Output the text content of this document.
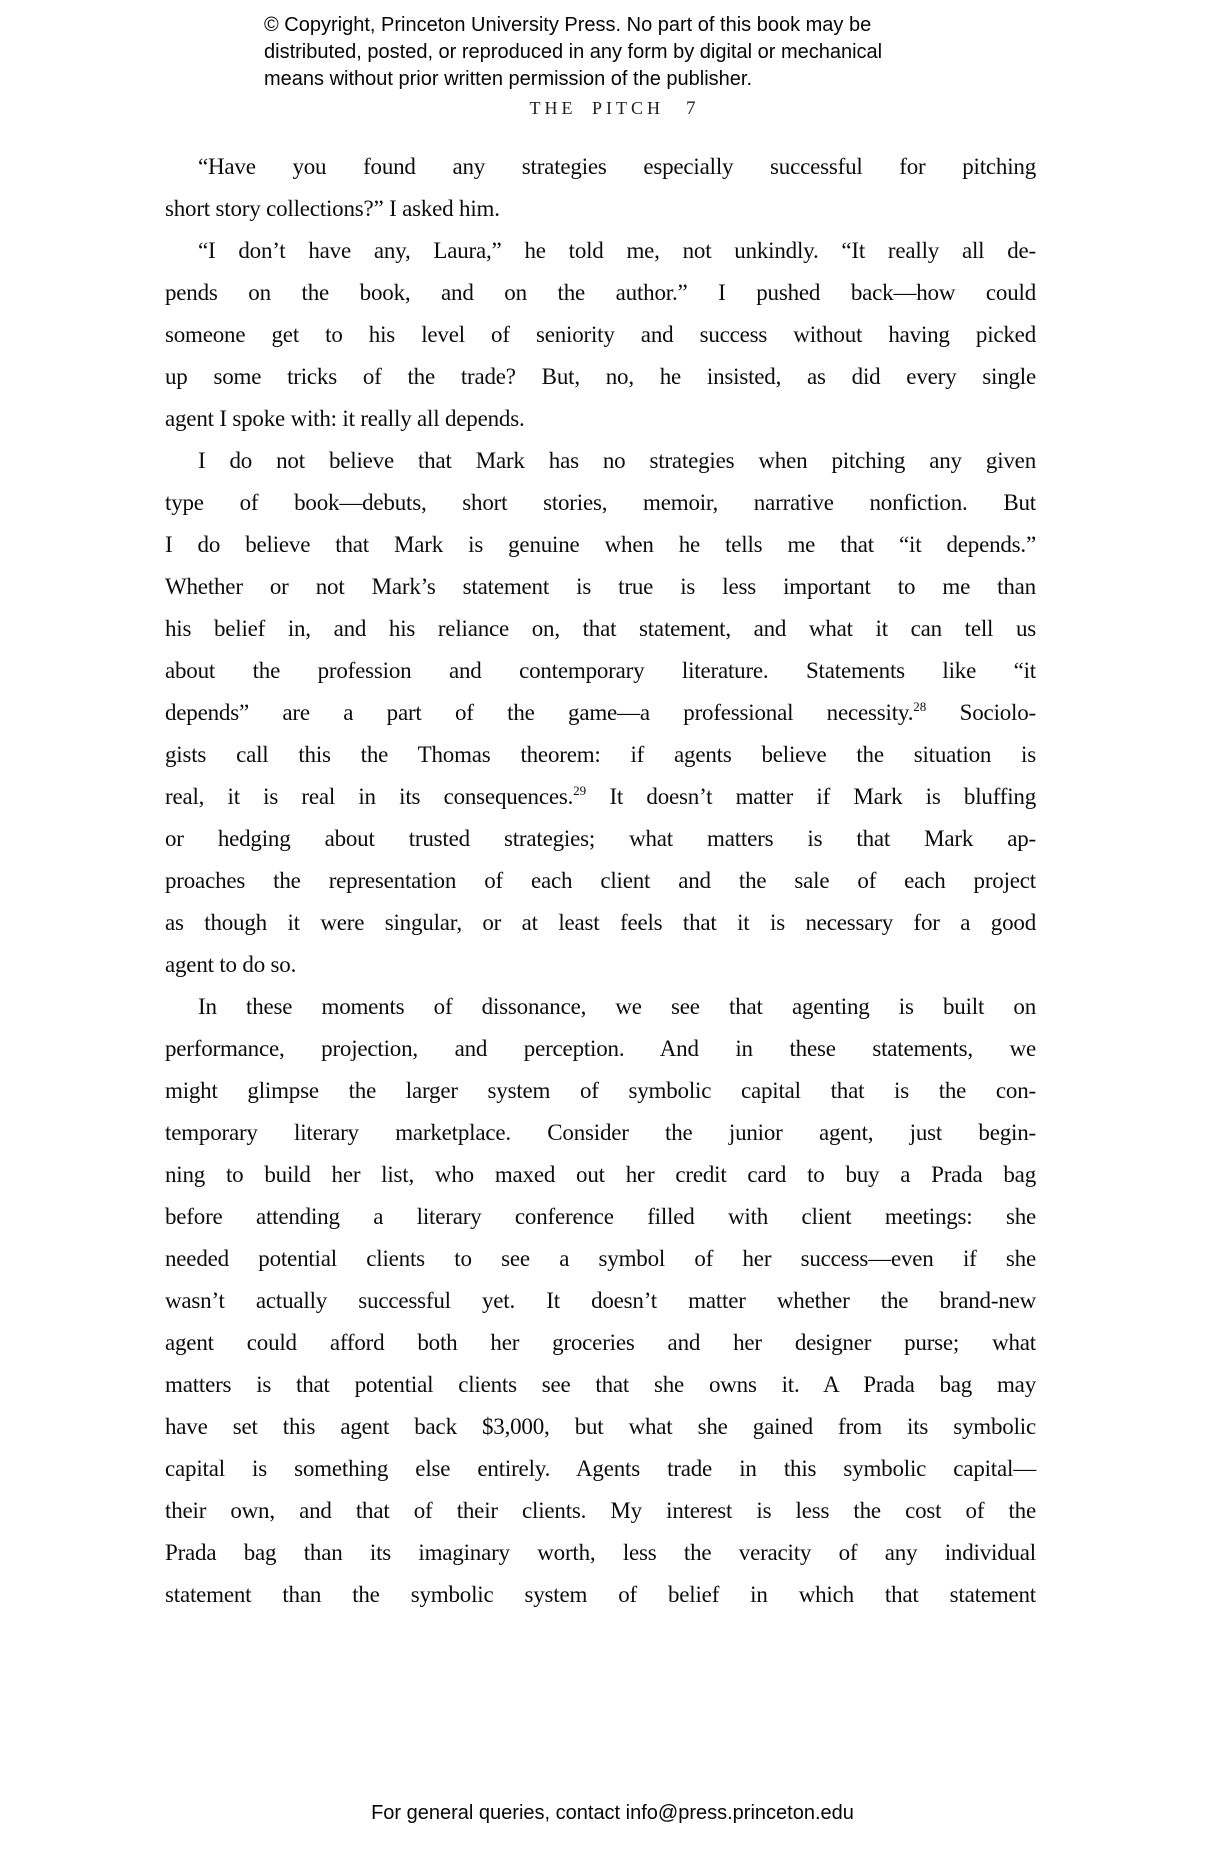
© Copyright, Princeton University Press. No part of this book may be
distributed, posted, or reproduced in any form by digital or mechanical
means without prior written permission of the publisher.
THE PITCH 7
“Have you found any strategies especially successful for pitching
short story collections?” I asked him.
“I don’t have any, Laura,” he told me, not unkindly. “It really all de-
pends on the book, and on the author.” I pushed back—how could
someone get to his level of seniority and success without having picked
up some tricks of the trade? But, no, he insisted, as did every single
agent I spoke with: it really all depends.
I do not believe that Mark has no strategies when pitching any given
type of book—debuts, short stories, memoir, narrative nonfiction. But
I do believe that Mark is genuine when he tells me that “it depends.”
Whether or not Mark’s statement is true is less important to me than
his belief in, and his reliance on, that statement, and what it can tell us
about the profession and contemporary literature. Statements like “it
depends” are a part of the game—a professional necessity.$^{28}$ Sociolo-
gists call this the Thomas theorem: if agents believe the situation is
real, it is real in its consequences.$^{29}$ It doesn’t matter if Mark is bluffing
or hedging about trusted strategies; what matters is that Mark ap-
proaches the representation of each client and the sale of each project
as though it were singular, or at least feels that it is necessary for a good
agent to do so.
In these moments of dissonance, we see that agenting is built on
performance, projection, and perception. And in these statements, we
might glimpse the larger system of symbolic capital that is the con-
temporary literary marketplace. Consider the junior agent, just begin-
ning to build her list, who maxed out her credit card to buy a Prada bag
before attending a literary conference filled with client meetings: she
needed potential clients to see a symbol of her success—even if she
wasn’t actually successful yet. It doesn’t matter whether the brand-new
agent could afford both her groceries and her designer purse; what
matters is that potential clients see that she owns it. A Prada bag may
have set this agent back $3,000, but what she gained from its symbolic
capital is something else entirely. Agents trade in this symbolic capital—
their own, and that of their clients. My interest is less the cost of the
Prada bag than its imaginary worth, less the veracity of any individual
statement than the symbolic system of belief in which that statement
For general queries, contact info@press.princeton.edu
